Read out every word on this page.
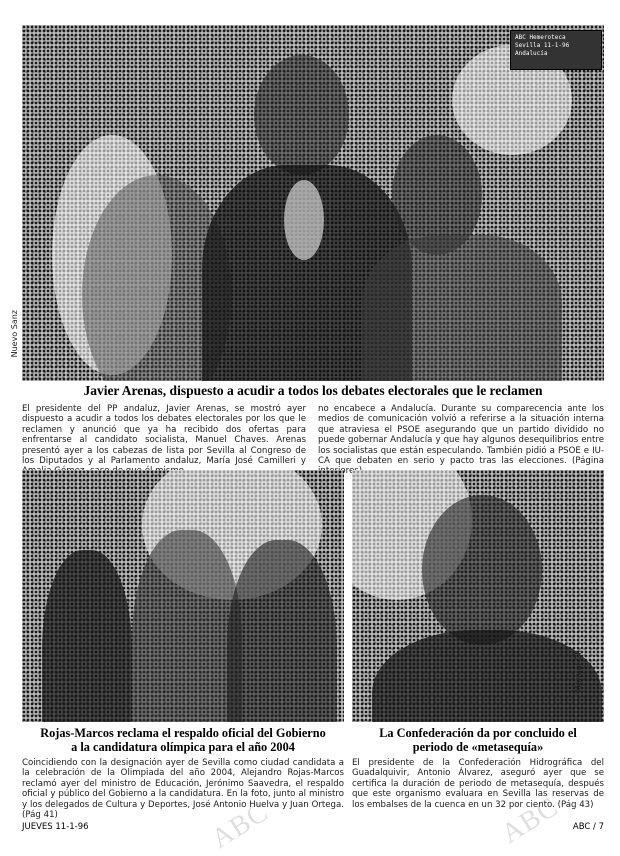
ABC	ABC
ABC Hemeroteca
Sevilla 11-1-96
Andalucía
Nuevo Sanz
Javier Arenas, dispuesto a acudir a todos los debates electorales que le reclamen
El presidente del PP andaluz, Javier Arenas, se mostró ayer dispuesto a acudir a todos los debates electorales por los que le reclamen y anunció que ya ha recibido dos ofertas para enfrentarse al candidato socialista, Manuel Chaves. Arenas presentó ayer a los cabezas de lista por Sevilla al Congreso de los Diputados y al Parlamento andaluz, María José Camilleri y
no encabece a Andalucía. Durante su comparecencia ante los medios de comunicación volvió a referirse a la situación interna que atraviesa el PSOE asegurando que un partido dividido no puede gobernar Andalucía y que hay algunos desequilibrios entre los socialistas que están especulando. También pidió a PSOE e IU-CA que debaten en serio y pacto tras las elecciones. (Página
Rojas-Marcos reclama el respaldo oficial del Gobierno
a la candidatura olímpica para el año 2004
Coincidiendo con la designación ayer de Sevilla como ciudad candidata a la celebración de la Olimpiada del año 2004, Alejandro Rojas-Marcos reclamó ayer del ministro de Educación, Jerónimo Saavedra, el respaldo oficial y público del Gobierno a la candidatura. En la foto, junto al ministro y los delegados de Cultura y Deportes, José Antonio Huelva y Juan Ortega. (Pág 41)
Manuel Gil
La Confederación da por concluido el
periodo de «metasequía»
El presidente de la Confederación Hidrográfica del Guadalquivir, Antonio Álvarez, aseguró ayer que se certifica la duración de periodo de metasequía, después que este organismo evaluara en Sevilla las reservas de los embalses de la cuenca en un 32 por ciento. (Pág 43)
JUEVES 11-1-96	ABC / 7
